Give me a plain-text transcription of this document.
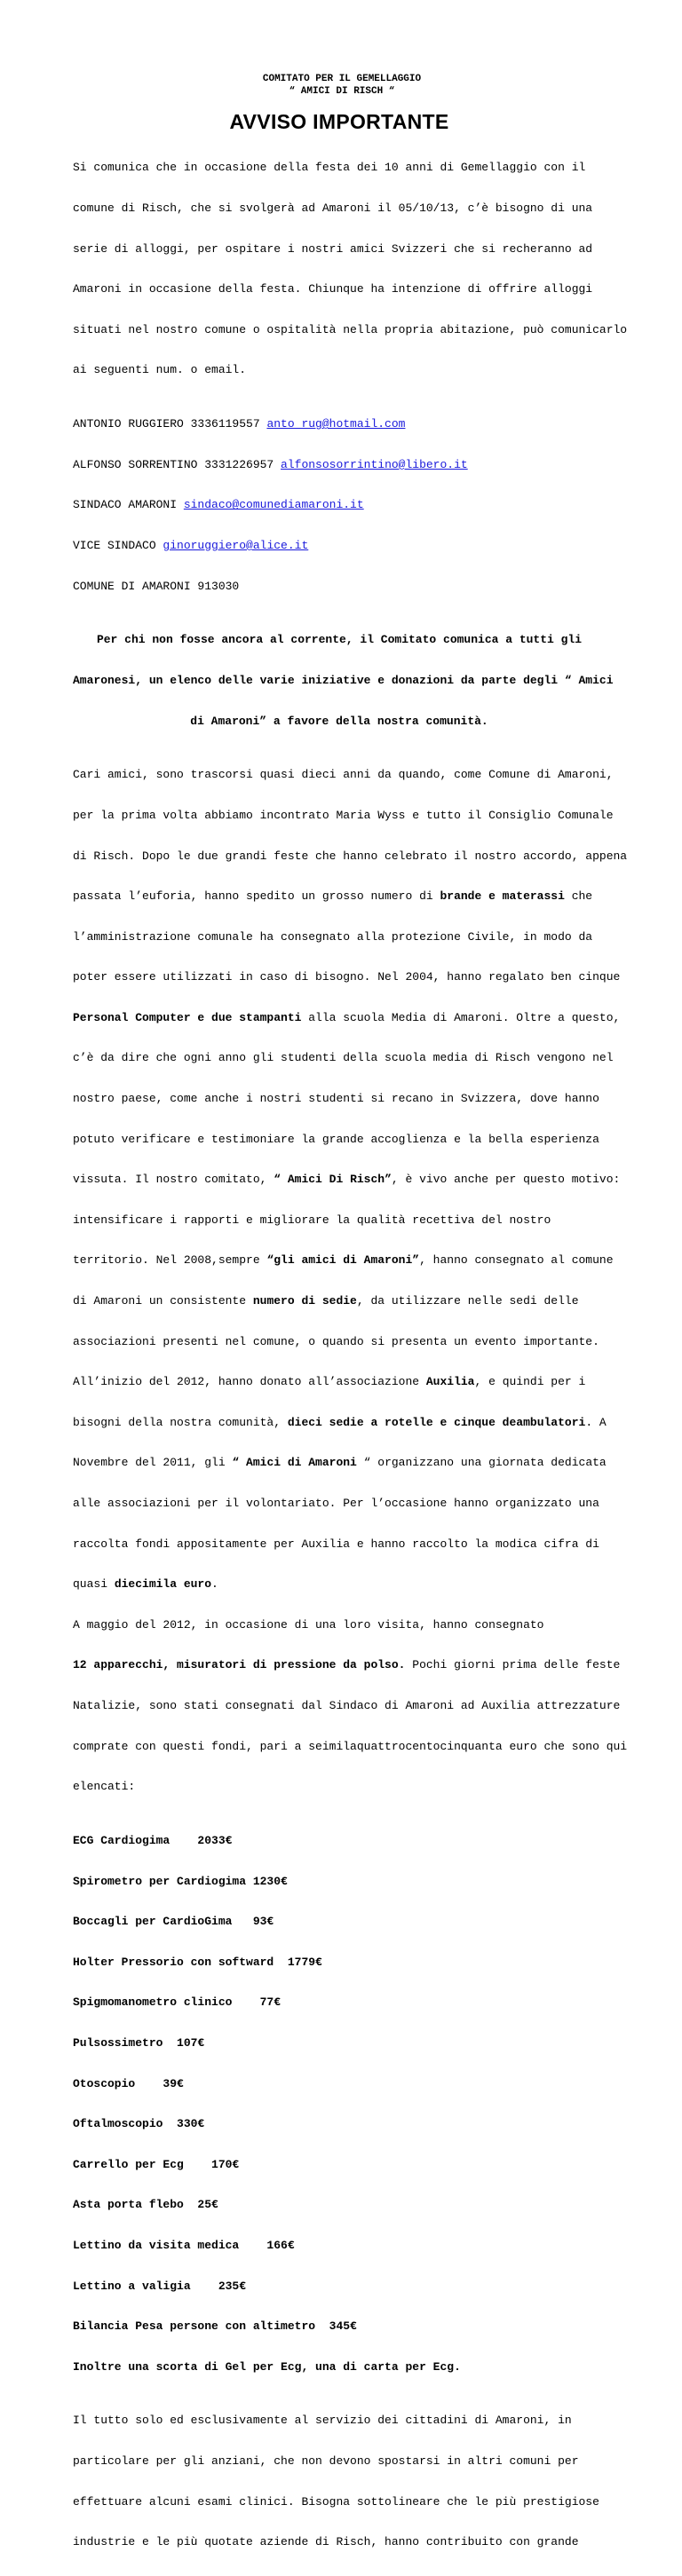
COMITATO PER IL GEMELLAGGIO
“ AMICI DI RISCH “
AVVISO IMPORTANTE

Si comunica che in occasione della festa dei 10 anni di Gemellaggio con il

comune di Risch, che si svolgerà ad Amaroni il 05/10/13, c’è bisogno di una

serie di alloggi, per ospitare i nostri amici Svizzeri che si recheranno ad

Amaroni in occasione della festa. Chiunque ha intenzione di offrire alloggi

situati nel nostro comune o ospitalità nella propria abitazione, può comunicarlo

ai seguenti num. o email.

ANTONIO RUGGIERO 3336119557 anto_rug@hotmail.com

ALFONSO SORRENTINO 3331226957 alfonsosorrintino@libero.it

SINDACO AMARONI sindaco@comunediamaroni.it

VICE SINDACO ginoruggiero@alice.it

COMUNE DI AMARONI 913030

Per chi non fosse ancora al corrente, il Comitato comunica a tutti gli

Amaronesi, un elenco delle varie iniziative e donazioni da parte degli “ Amici

di Amaroni” a favore della nostra comunità.

Cari amici, sono trascorsi quasi dieci anni da quando, come Comune di Amaroni,

per la prima volta abbiamo incontrato Maria Wyss e tutto il Consiglio Comunale

di Risch. Dopo le due grandi feste che hanno celebrato il nostro accordo, appena

passata l’euforia, hanno spedito un grosso numero di brande e materassi che

l’amministrazione comunale ha consegnato alla protezione Civile, in modo da

poter essere utilizzati in caso di bisogno. Nel 2004, hanno regalato ben cinque

Personal Computer e due stampanti alla scuola Media di Amaroni. Oltre a questo,

c’è da dire che ogni anno gli studenti della scuola media di Risch vengono nel

nostro paese, come anche i nostri studenti si recano in Svizzera, dove hanno

potuto verificare e testimoniare la grande accoglienza e la bella esperienza

vissuta. Il nostro comitato, “ Amici Di Risch”, è vivo anche per questo motivo:

intensificare i rapporti e migliorare la qualità recettiva del nostro

territorio. Nel 2008,sempre “gli amici di Amaroni”, hanno consegnato al comune

di Amaroni un consistente numero di sedie, da utilizzare nelle sedi delle

associazioni presenti nel comune, o quando si presenta un evento importante.

All’inizio del 2012, hanno donato all’associazione Auxilia, e quindi per i

bisogni della nostra comunità, dieci sedie a rotelle e cinque deambulatori. A

Novembre del 2011, gli “ Amici di Amaroni “ organizzano una giornata dedicata

alle associazioni per il volontariato. Per l’occasione hanno organizzato una

raccolta fondi appositamente per Auxilia e hanno raccolto la modica cifra di

quasi diecimila euro.

A maggio del 2012, in occasione di una loro visita, hanno consegnato

12 apparecchi, misuratori di pressione da polso. Pochi giorni prima delle feste

Natalizie, sono stati consegnati dal Sindaco di Amaroni ad Auxilia attrezzature

comprate con questi fondi, pari a seimilaquattrocentocinquanta euro che sono qui

elencati:

ECG Cardiogima    2033€

Spirometro per Cardiogima 1230€

Boccagli per CardioGima   93€

Holter Pressorio con softward  1779€

Spigmomanometro clinico    77€

Pulsossimetro  107€

Otoscopio    39€

Oftalmoscopio  330€

Carrello per Ecg    170€

Asta porta flebo  25€

Lettino da visita medica    166€

Lettino a valigia    235€

Bilancia Pesa persone con altimetro  345€

Inoltre una scorta di Gel per Ecg, una di carta per Ecg.

Il tutto solo ed esclusivamente al servizio dei cittadini di Amaroni, in

particolare per gli anziani, che non devono spostarsi in altri comuni per

effettuare alcuni esami clinici. Bisogna sottolineare che le più prestigiose

industrie e le più quotate aziende di Risch, hanno contribuito con grande
